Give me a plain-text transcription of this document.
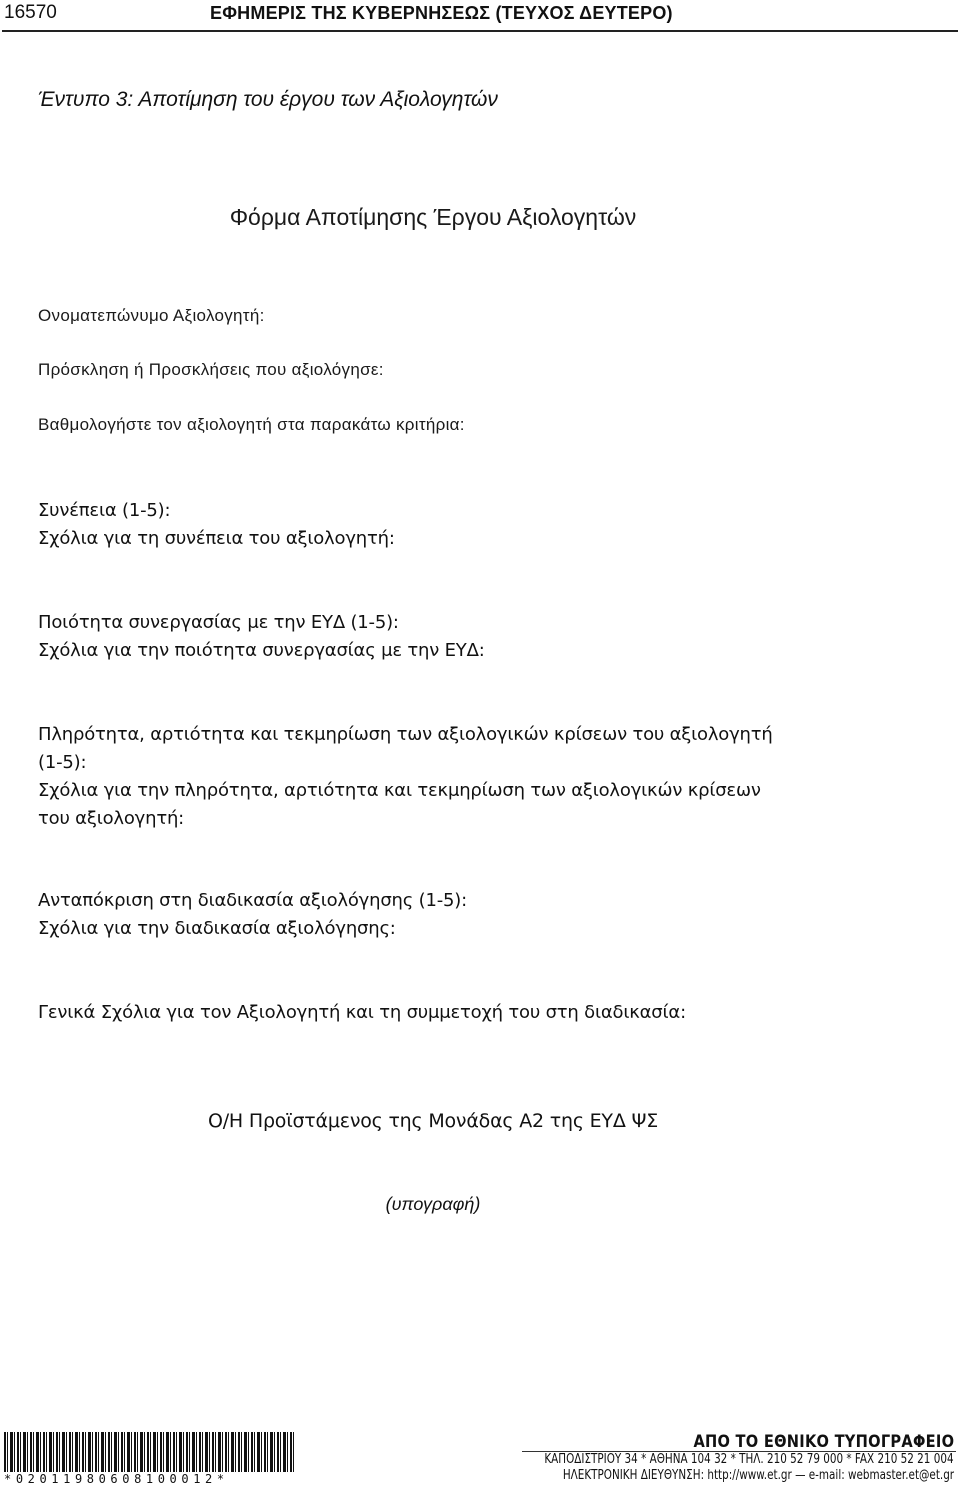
16570	ΕΦΗΜΕΡΙΣ ΤΗΣ ΚΥΒΕΡΝΗΣΕΩΣ (ΤΕΥΧΟΣ ΔΕΥΤΕΡΟ)
Έντυπο 3: Αποτίμηση του έργου των Αξιολογητών
Φόρμα Αποτίμησης Έργου Αξιολογητών
Ονοματεπώνυμο Αξιολογητή:
Πρόσκληση ή Προσκλήσεις που αξιολόγησε:
Βαθμολογήστε τον αξιολογητή στα παρακάτω κριτήρια:
Συνέπεια (1-5):
Σχόλια για τη συνέπεια του αξιολογητή:
Ποιότητα συνεργασίας με την ΕΥΔ (1-5):
Σχόλια για την ποιότητα συνεργασίας με την ΕΥΔ:
Πληρότητα, αρτιότητα και τεκμηρίωση των αξιολογικών κρίσεων του αξιολογητή
(1-5):
Σχόλια για την πληρότητα, αρτιότητα και τεκμηρίωση των αξιολογικών κρίσεων
του αξιολογητή:
Ανταπόκριση στη διαδικασία αξιολόγησης (1-5):
Σχόλια για την διαδικασία αξιολόγησης:
Γενικά Σχόλια για τον Αξιολογητή και τη συμμετοχή του στη διαδικασία:
Ο/Η Προϊστάμενος της Μονάδας Α2 της ΕΥΔ ΨΣ
(υπογραφή)
*02011980608100012*
ΑΠΟ ΤΟ ΕΘΝΙΚΟ ΤΥΠΟΓΡΑΦΕΙΟ
ΚΑΠΟΔΙΣΤΡΙΟΥ 34 * ΑΘΗΝΑ 104 32 * ΤΗΛ. 210 52 79 000 * FAX 210 52 21 004
ΗΛΕΚΤΡΟΝΙΚΗ ΔΙΕΥΘΥΝΣΗ: http://www.et.gr — e-mail: webmaster.et@et.gr
